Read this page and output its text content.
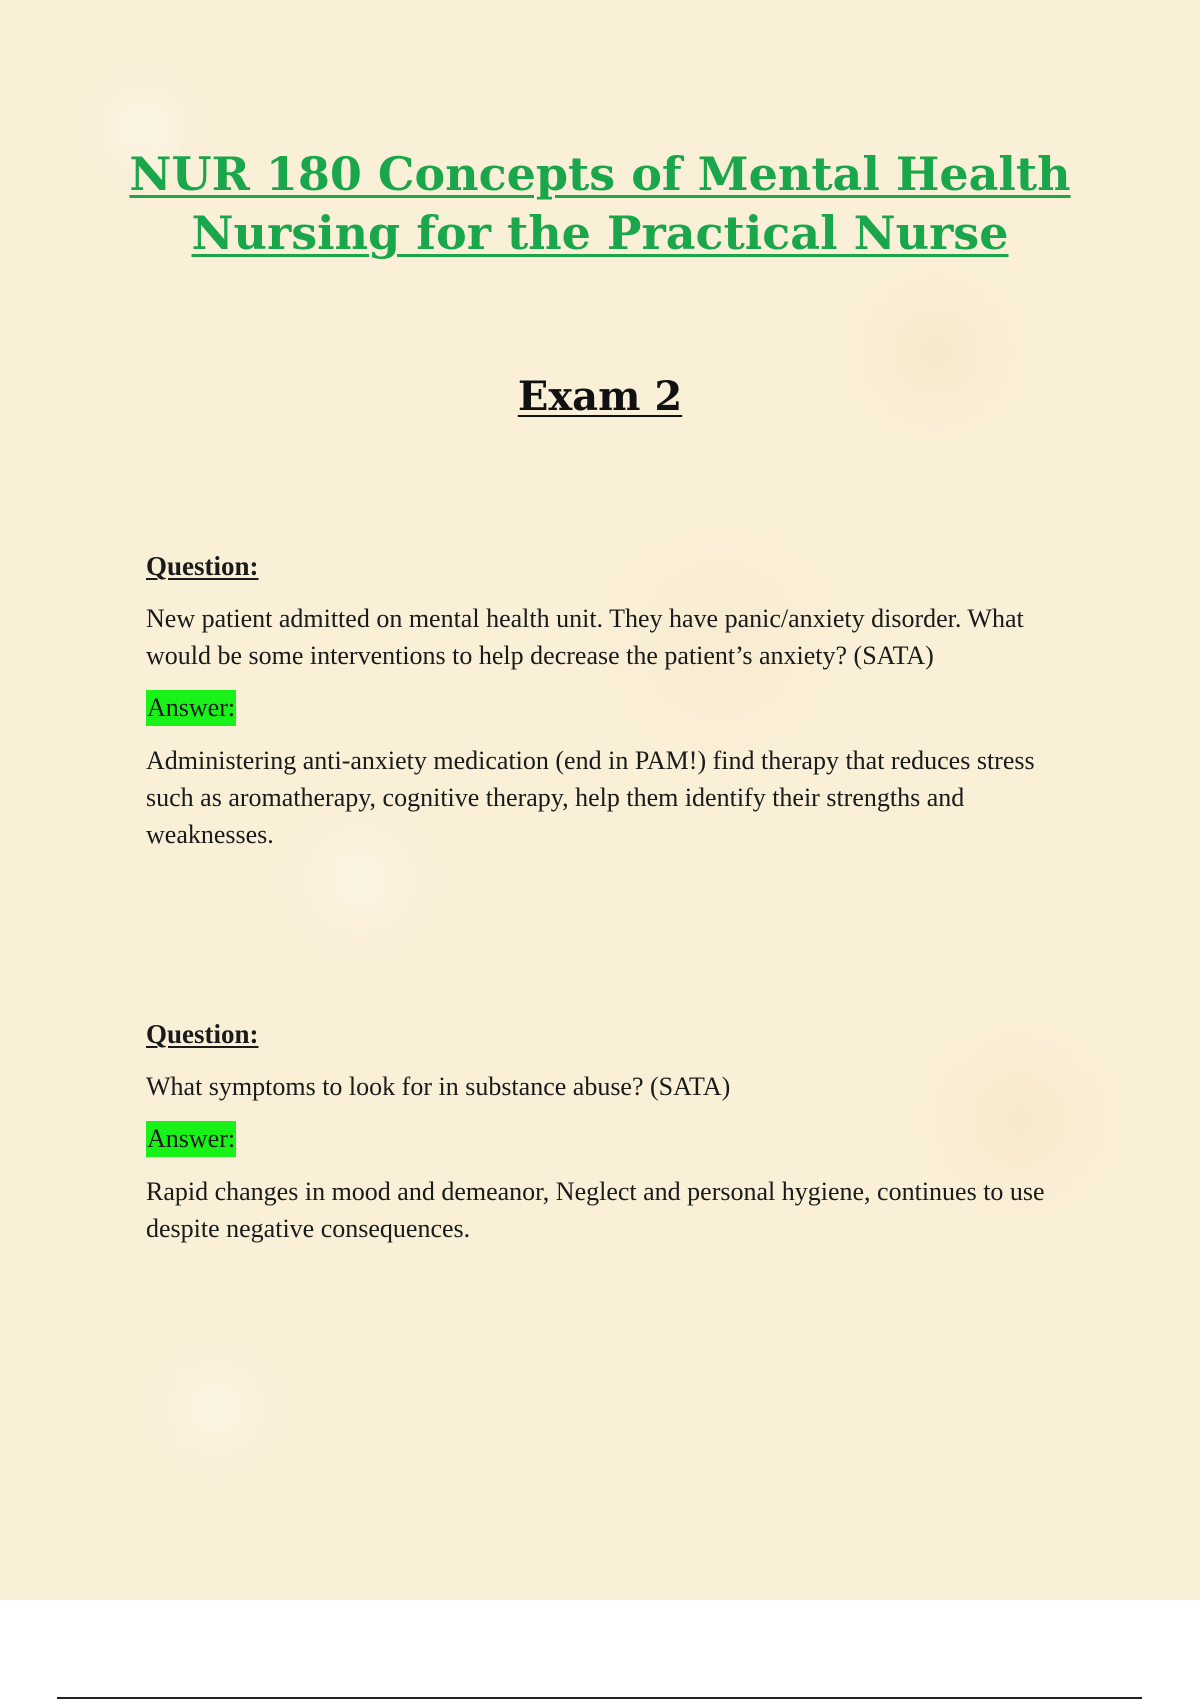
NUR 180 Concepts of Mental Health Nursing for the Practical Nurse
Exam 2
Question:

New patient admitted on mental health unit. They have panic/anxiety disorder. What would be some interventions to help decrease the patient’s anxiety? (SATA)

Answer:

Administering anti-anxiety medication (end in PAM!) find therapy that reduces stress such as aromatherapy, cognitive therapy, help them identify their strengths and weaknesses.

Question:

What symptoms to look for in substance abuse? (SATA)

Answer:

Rapid changes in mood and demeanor, Neglect and personal hygiene, continues to use despite negative consequences.
